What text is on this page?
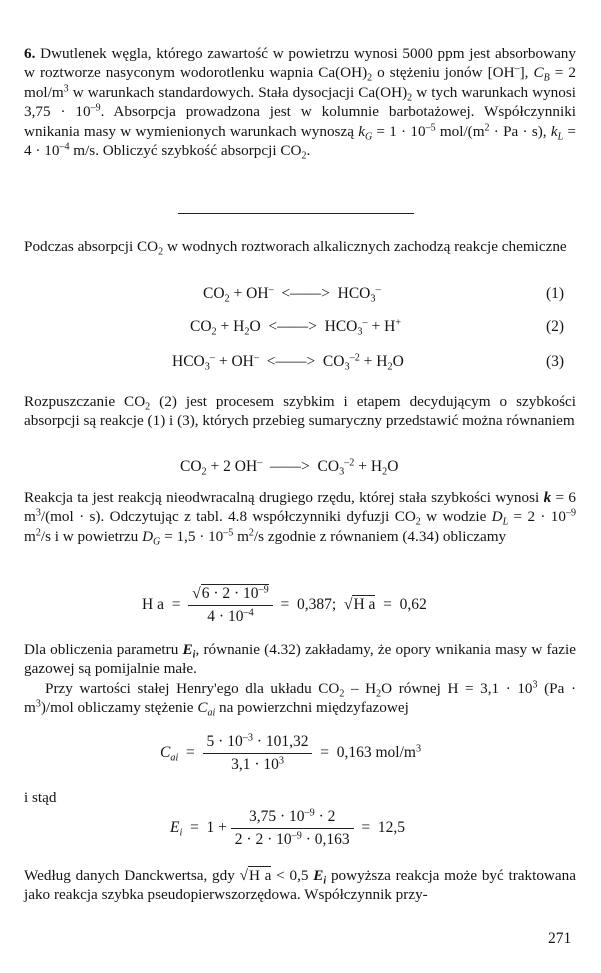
6. Dwutlenek węgla, którego zawartość w powietrzu wynosi 5000 ppm jest absorbowany w roztworze nasyconym wodorotlenku wapnia $Ca(OH)_2$ o stężeniu jonów [OH–], $C_B = 2$ mol/$m^3$ w warunkach standardowych. Stała dysocjacji $Ca(OH)_2$ w tych warunkach wynosi $3,75 \cdot 10^{-9}$. Absorpcja prowadzona jest w kolumnie barbotażowej. Współczynniki wnikania masy w wymienionych warunkach wynoszą $k_G = 1 \cdot 10^{-5}$ mol/$(m^2 \cdot Pa \cdot s)$, $k_L = 4 \cdot 10^{-4}$ m/s. Obliczyć szybkość absorpcji $CO_2$.

Podczas absorpcji $CO_2$ w wodnych roztworach alkalicznych zachodzą reakcje chemiczne

$CO_2 + OH^-$  <——>  $HCO_3^-$	(1)
$CO_2 + H_2O$  <——>  $HCO_3^- + H^+$	(2)
$HCO_3^- + OH^-$  <——>  $CO_3^{-2} + H_2O$	(3)

Rozpuszczanie $CO_2$ (2) jest procesem szybkim i etapem decydującym o szybkości absorpcji są reakcje (1) i (3), których przebieg sumaryczny przedstawić można równaniem

$CO_2 + 2$ OH–  ——>  $CO_3^{-2} + H_2O$

Reakcja ta jest reakcją nieodwracalną drugiego rzędu, której stała szybkości wynosi k = 6 $m^3/(mol \cdot s)$. Odczytując z tabl. 4.8 współczynniki dyfuzji $CO_2$ w wodzie $D_L = 2 \cdot 10^{-9}$ $m^2/s$ i w powietrzu $D_G = 1,5 \cdot 10^{-5}$ $m^2/s$ zgodnie z równaniem (4.34) obliczamy

H $a = \frac{√6 \cdot 2 \cdot 10^{-9}}{4 \cdot 10^{-4}} = 0,387$;  √H a  =  0,62

Dla obliczenia parametru $E_i$, równanie (4.32) zakładamy, że opory wnikania masy w fazie gazowej są pomijalnie małe.

Przy wartości stałej Henry'ego dla układu $CO_2 - H_2O$ równej $H = 3,1 \cdot 10^3$ $(Pa \cdot m^3)$/mol obliczamy stężenie $C_{ai}$ na powierzchni międzyfazowej

$C_{ai} = \frac{5 \cdot 10^{-3} \cdot 101,32}{3,1 \cdot 10^3} = 0,163$ mol/$m^3$

i stąd

$E_i = 1 + \frac{3,75 \cdot 10^{-9} \cdot 2}{2 \cdot 2 \cdot 10^{-9} \cdot 0,163} = 12,5$

Według danych Danckwertsa, gdy √H a < 0,5 $E_i$ powyższa reakcja może być traktowana jako reakcja szybka pseudopierwszorzędowa. Współczynnik przy-

271
